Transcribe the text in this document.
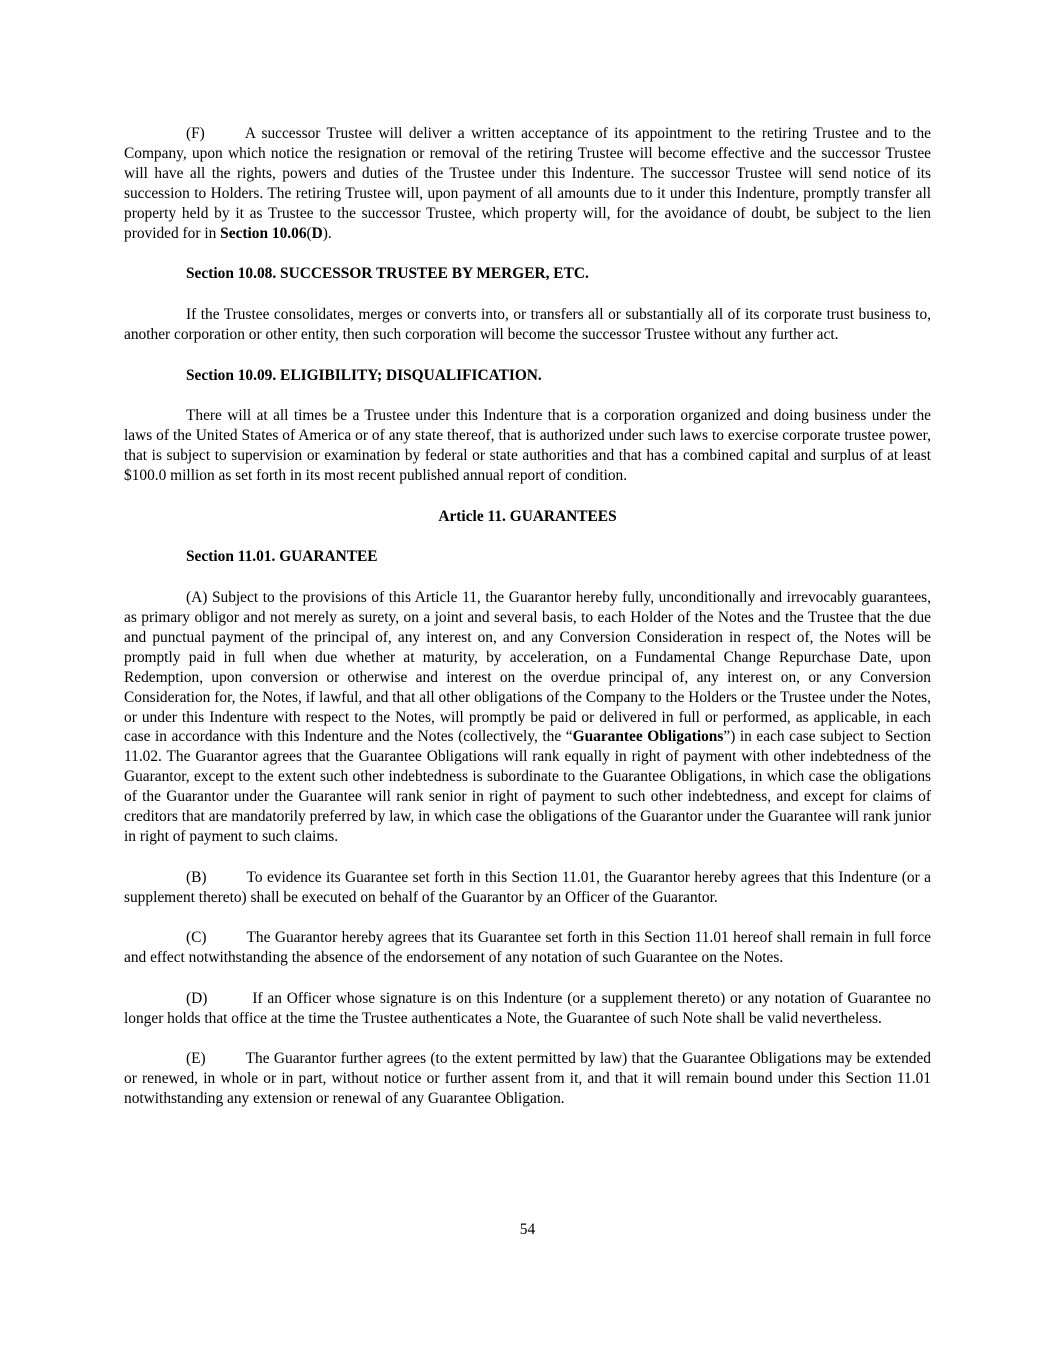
(F)	A successor Trustee will deliver a written acceptance of its appointment to the retiring Trustee and to the Company, upon which notice the resignation or removal of the retiring Trustee will become effective and the successor Trustee will have all the rights, powers and duties of the Trustee under this Indenture. The successor Trustee will send notice of its succession to Holders. The retiring Trustee will, upon payment of all amounts due to it under this Indenture, promptly transfer all property held by it as Trustee to the successor Trustee, which property will, for the avoidance of doubt, be subject to the lien provided for in Section 10.06(D).

Section 10.08. SUCCESSOR TRUSTEE BY MERGER, ETC.

If the Trustee consolidates, merges or converts into, or transfers all or substantially all of its corporate trust business to, another corporation or other entity, then such corporation will become the successor Trustee without any further act.

Section 10.09. ELIGIBILITY; DISQUALIFICATION.

There will at all times be a Trustee under this Indenture that is a corporation organized and doing business under the laws of the United States of America or of any state thereof, that is authorized under such laws to exercise corporate trustee power, that is subject to supervision or examination by federal or state authorities and that has a combined capital and surplus of at least $100.0 million as set forth in its most recent published annual report of condition.

Article 11. GUARANTEES

Section 11.01. GUARANTEE

(A) Subject to the provisions of this Article 11, the Guarantor hereby fully, unconditionally and irrevocably guarantees, as primary obligor and not merely as surety, on a joint and several basis, to each Holder of the Notes and the Trustee that the due and punctual payment of the principal of, any interest on, and any Conversion Consideration in respect of, the Notes will be promptly paid in full when due whether at maturity, by acceleration, on a Fundamental Change Repurchase Date, upon Redemption, upon conversion or otherwise and interest on the overdue principal of, any interest on, or any Conversion Consideration for, the Notes, if lawful, and that all other obligations of the Company to the Holders or the Trustee under the Notes, or under this Indenture with respect to the Notes, will promptly be paid or delivered in full or performed, as applicable, in each case in accordance with this Indenture and the Notes (collectively, the “Guarantee Obligations”) in each case subject to Section 11.02. The Guarantor agrees that the Guarantee Obligations will rank equally in right of payment with other indebtedness of the Guarantor, except to the extent such other indebtedness is subordinate to the Guarantee Obligations, in which case the obligations of the Guarantor under the Guarantee will rank senior in right of payment to such other indebtedness, and except for claims of creditors that are mandatorily preferred by law, in which case the obligations of the Guarantor under the Guarantee will rank junior in right of payment to such claims.

(B)	To evidence its Guarantee set forth in this Section 11.01, the Guarantor hereby agrees that this Indenture (or a supplement thereto) shall be executed on behalf of the Guarantor by an Officer of the Guarantor.

(C)	The Guarantor hereby agrees that its Guarantee set forth in this Section 11.01 hereof shall remain in full force and effect notwithstanding the absence of the endorsement of any notation of such Guarantee on the Notes.

(D)	If an Officer whose signature is on this Indenture (or a supplement thereto) or any notation of Guarantee no longer holds that office at the time the Trustee authenticates a Note, the Guarantee of such Note shall be valid nevertheless.

(E)	The Guarantor further agrees (to the extent permitted by law) that the Guarantee Obligations may be extended or renewed, in whole or in part, without notice or further assent from it, and that it will remain bound under this Section 11.01 notwithstanding any extension or renewal of any Guarantee Obligation.

54
